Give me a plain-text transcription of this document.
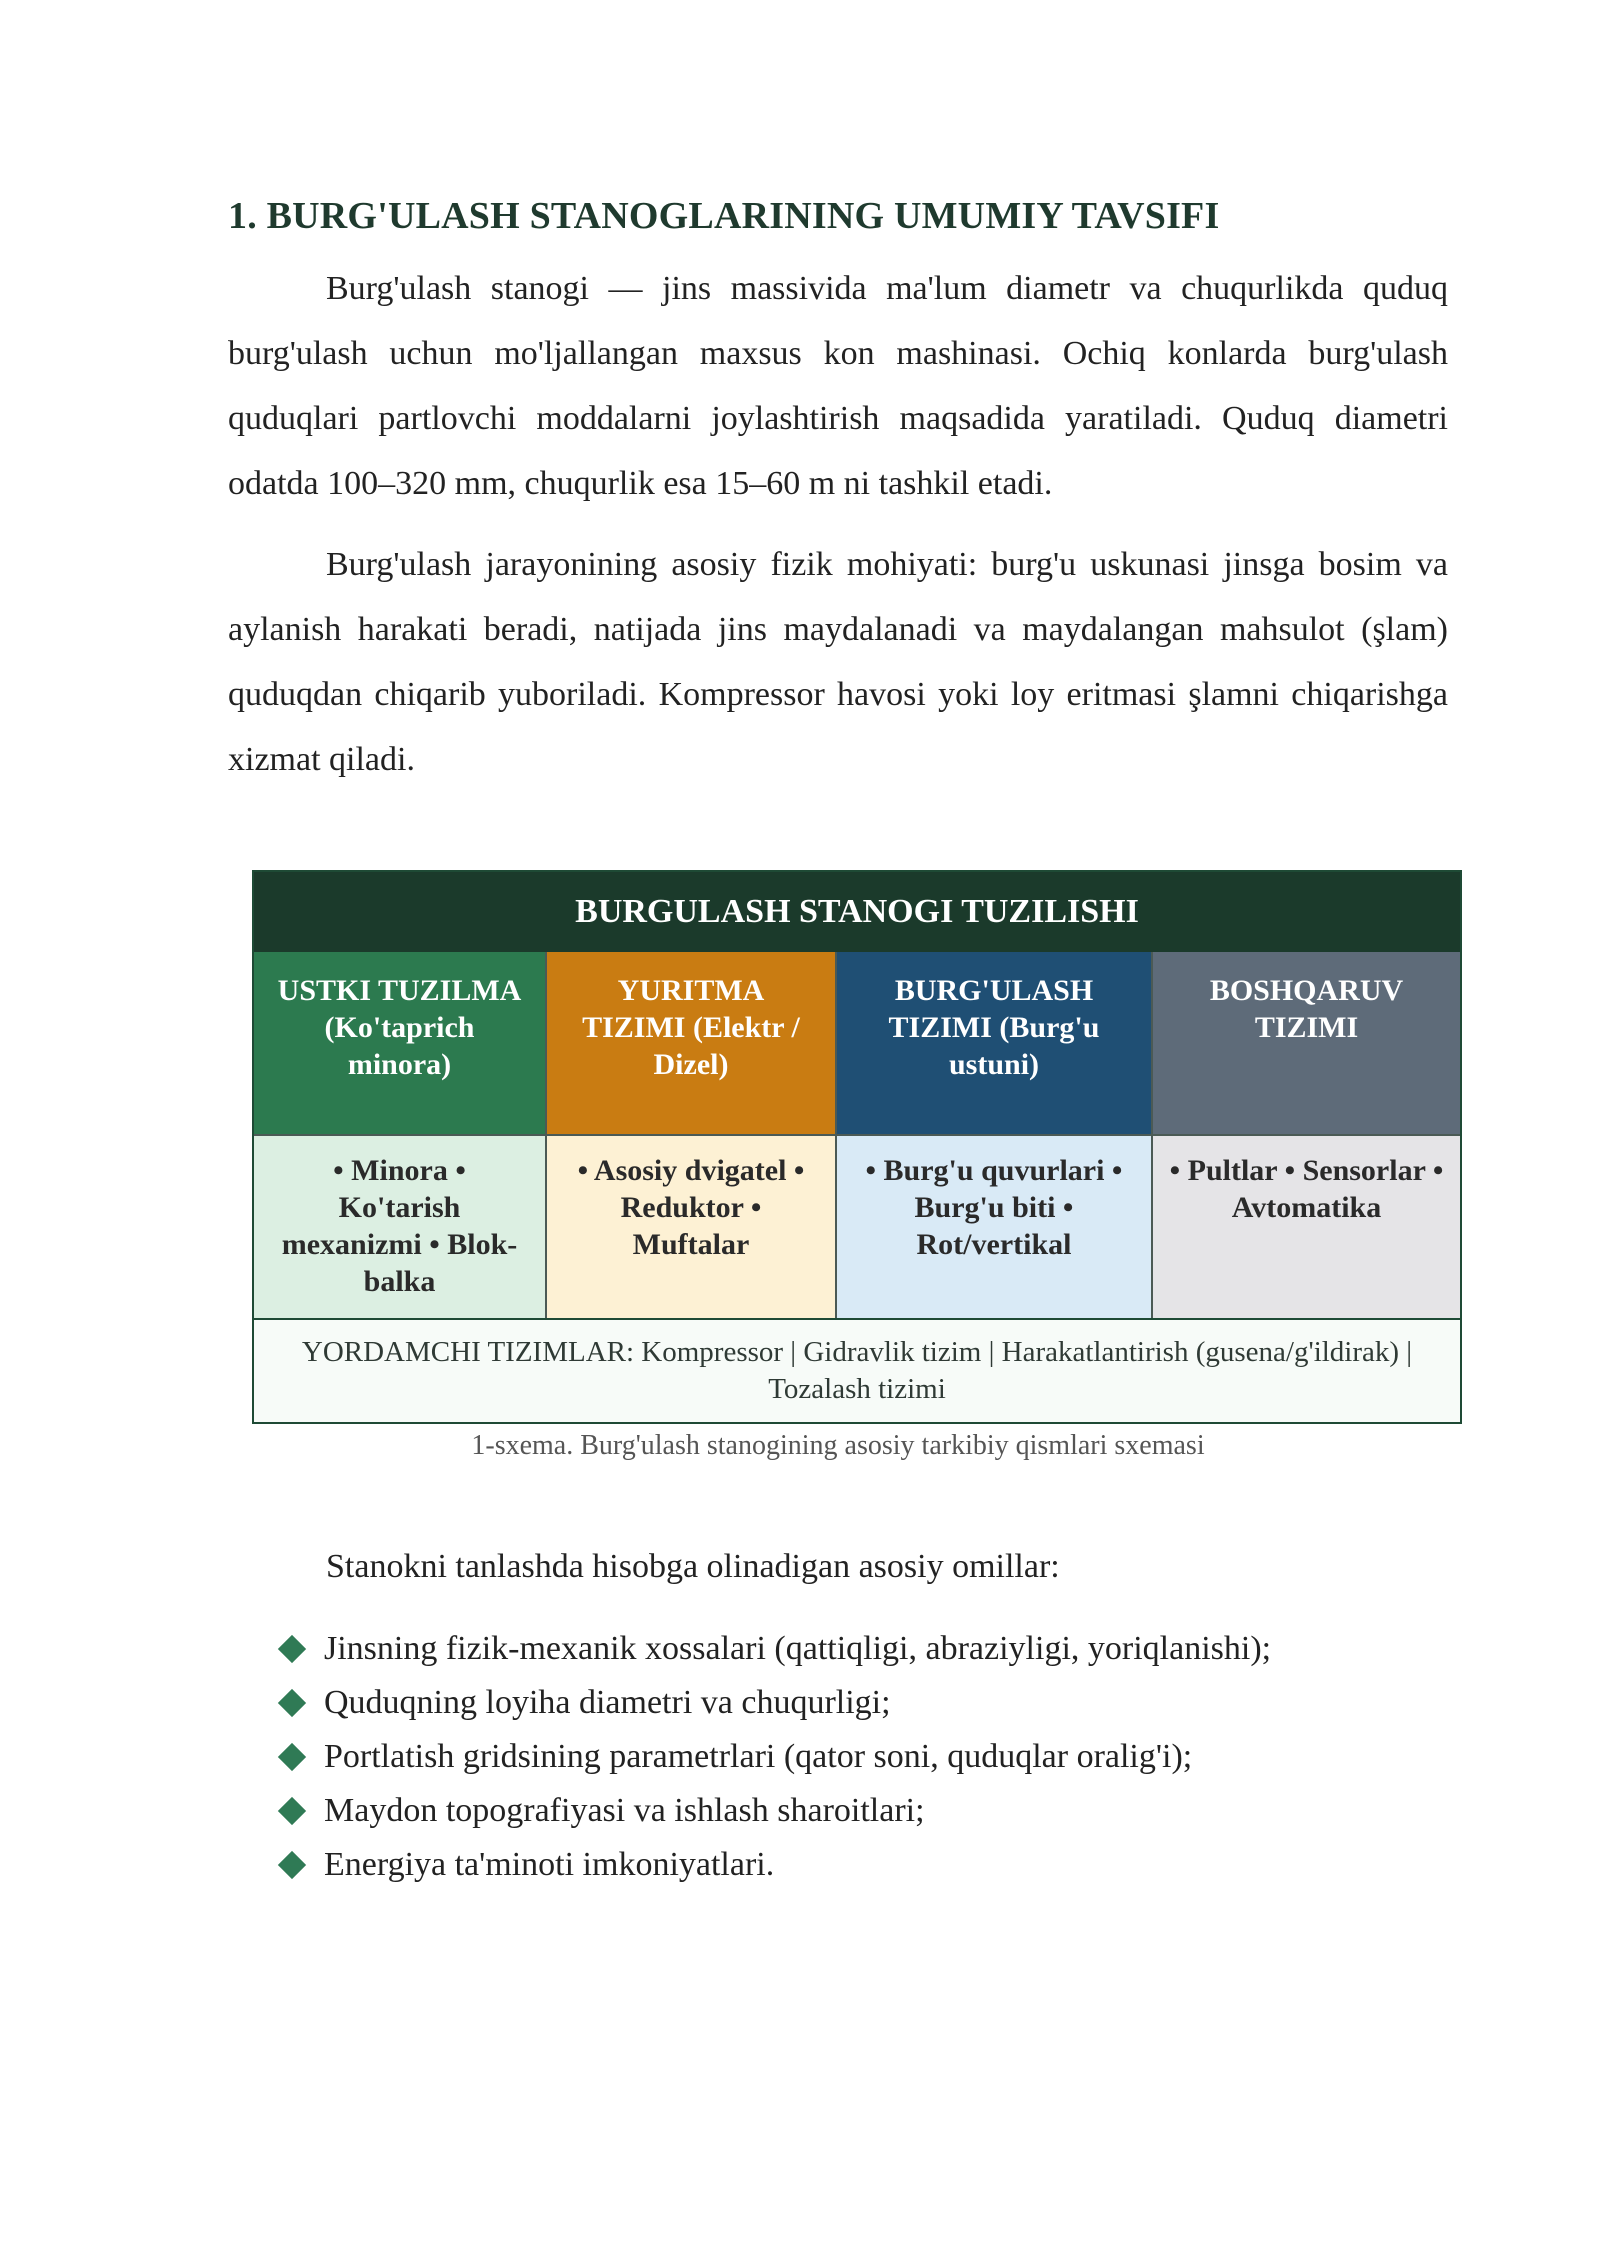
1. BURG'ULASH STANOGLARINING UMUMIY TAVSIFI

Burg'ulash stanogi — jins massivida ma'lum diametr va chuqurlikda quduq burg'ulash uchun mo'ljallangan maxsus kon mashinasi. Ochiq konlarda burg'ulash quduqlari partlovchi moddalarni joylashtirish maqsadida yaratiladi. Quduq diametri odatda 100–320 mm, chuqurlik esa 15–60 m ni tashkil etadi.

Burg'ulash jarayonining asosiy fizik mohiyati: burg'u uskunasi jinsga bosim va aylanish harakati beradi, natijada jins maydalanadi va maydalangan mahsulot (şlam) quduqdan chiqarib yuboriladi. Kompressor havosi yoki loy eritmasi şlamni chiqarishga xizmat qiladi.

BURGULASH STANOGI TUZILISHI
USTKI TUZILMA (Ko'taprich minora)
YURITMA TIZIMI (Elektr / Dizel)
BURG'ULASH TIZIMI (Burg'u ustuni)
BOSHQARUV TIZIMI
• Minora • Ko'tarish mexanizmi • Blok-balka
• Asosiy dvigatel • Reduktor • Muftalar
• Burg'u quvurlari • Burg'u biti • Rot/vertikal
• Pultlar • Sensorlar • Avtomatika
YORDAMCHI TIZIMLAR: Kompressor | Gidravlik tizim | Harakatlantirish (gusena/g'ildirak) | Tozalash tizimi
1-sxema. Burg'ulash stanogining asosiy tarkibiy qismlari sxemasi
Stanokni tanlashda hisobga olinadigan asosiy omillar:
Jinsning fizik-mexanik xossalari (qattiqligi, abraziyligi, yoriqlanishi);
Quduqning loyiha diametri va chuqurligi;
Portlatish gridsining parametrlari (qator soni, quduqlar oralig'i);
Maydon topografiyasi va ishlash sharoitlari;
Energiya ta'minoti imkoniyatlari.
